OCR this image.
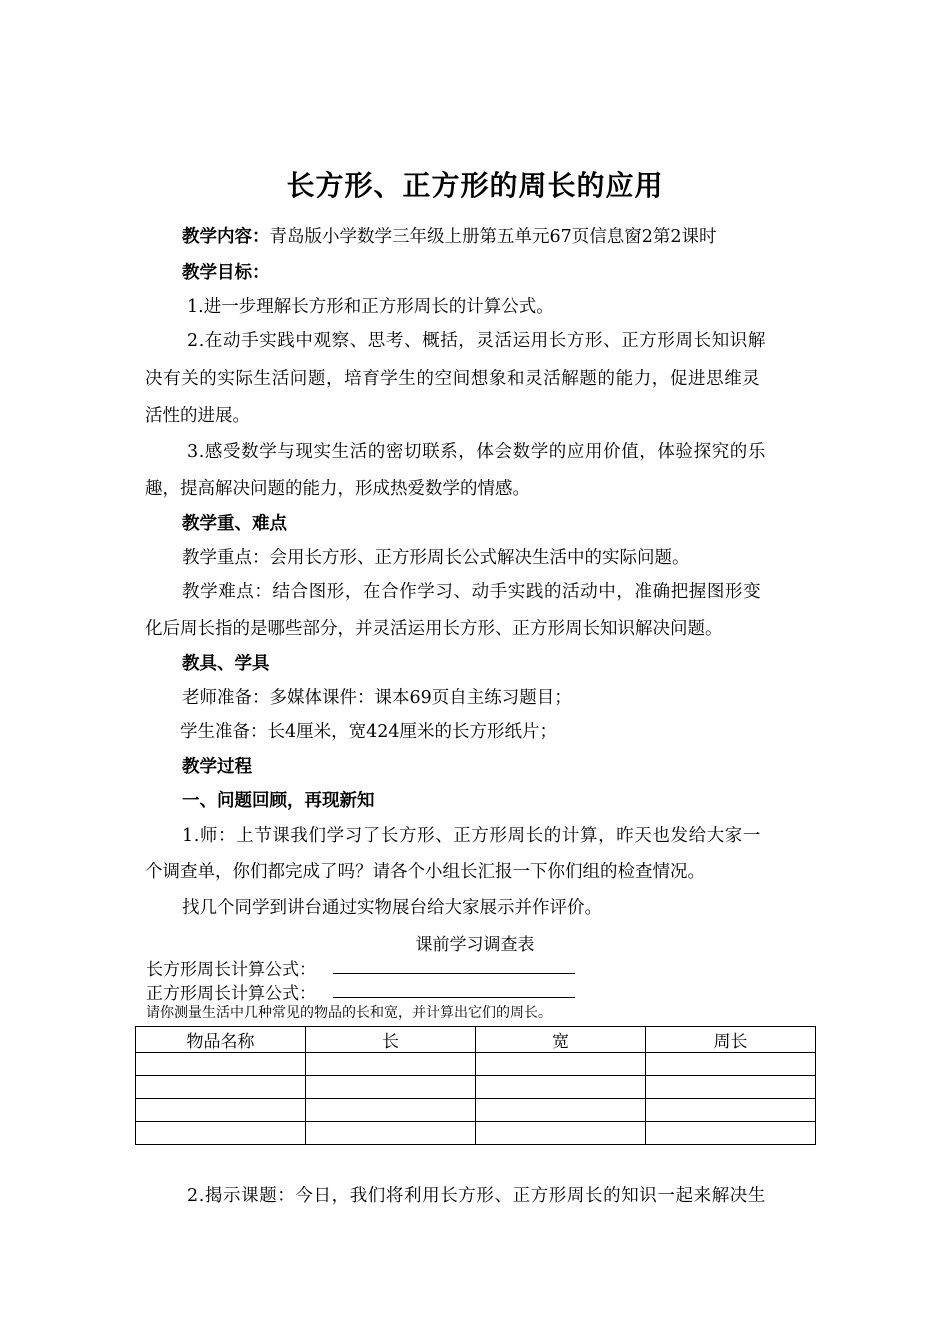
长方形、正方形的周长的应用
教学内容：青岛版小学数学三年级上册第五单元67页信息窗2第2课时
教学目标：
1.进一步理解长方形和正方形周长的计算公式。
2.在动手实践中观察、思考、概括，灵活运用长方形、正方形周长知识解
决有关的实际生活问题，培育学生的空间想象和灵活解题的能力，促进思维灵
活性的进展。
3.感受数学与现实生活的密切联系，体会数学的应用价值，体验探究的乐
趣，提高解决问题的能力，形成热爱数学的情感。
教学重、难点
教学重点：会用长方形、正方形周长公式解决生活中的实际问题。
教学难点：结合图形，在合作学习、动手实践的活动中，准确把握图形变
化后周长指的是哪些部分，并灵活运用长方形、正方形周长知识解决问题。
教具、学具
老师准备：多媒体课件：课本69页自主练习题目；
学生准备：长4厘米，宽424厘米的长方形纸片；
教学过程
一、问题回顾，再现新知
1.师：上节课我们学习了长方形、正方形周长的计算，昨天也发给大家一
个调查单，你们都完成了吗？请各个小组长汇报一下你们组的检查情况。
找几个同学到讲台通过实物展台给大家展示并作评价。
课前学习调查表
长方形周长计算公式：
正方形周长计算公式：
请你测量生活中几种常见的物品的长和宽，并计算出它们的周长。
物品名称	长	宽	周长

2.揭示课题：今日，我们将利用长方形、正方形周长的知识一起来解决生
